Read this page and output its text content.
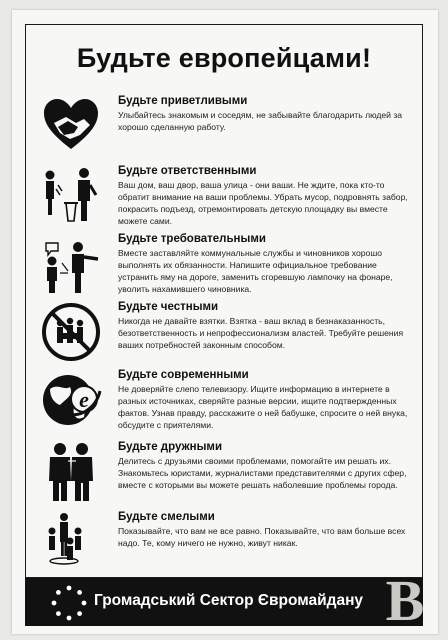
Будьте европейцами!
Будьте приветливыми
Улыбайтесь знакомым и соседям, не забывайте благодарить людей за хорошо сделанную работу.
Будьте ответственными
Ваш дом, ваш двор, ваша улица - они ваши. Не ждите, пока кто-то обратит внимание на ваши проблемы. Убрать мусор, подровнять забор, покрасить подъезд, отремонтировать детскую площадку вы вместе можете сами.
Будьте требовательными
Вместе заставляйте коммунальные службы и чиновников хорошо выполнять их обязанности. Напишите официальное требование устранить яму на дороге, заменить сгоревшую лампочку на фонаре, уволить нахамившего чиновника.
Будьте честными
Никогда не давайте взятки. Взятка - ваш вклад в безнаказанность, безответственность и непрофессионализм властей. Требуйте решения ваших потребностей законным способом.
e
Будьте современными
Не доверяйте слепо телевизору. Ищите информацию в интернете в разных источниках, сверяйте разные версии, ищите подтвержденных фактов. Узнав правду, расскажите о ней бабушке, спросите о ней внука, обсудите с приятелями.
Будьте дружными
Делитесь с друзьями своими проблемами, помогайте им решать их. Знакомьтесь юристами, журналистами представителями с других сфер, вместе с которыми вы можете решать наболевшие проблемы города.
Будьте смелыми
Показывайте, что вам не все равно. Показывайте, что вам больше всех надо. Те, кому ничего не нужно, живут никак.
Громадський Сектор Євромайдану В
